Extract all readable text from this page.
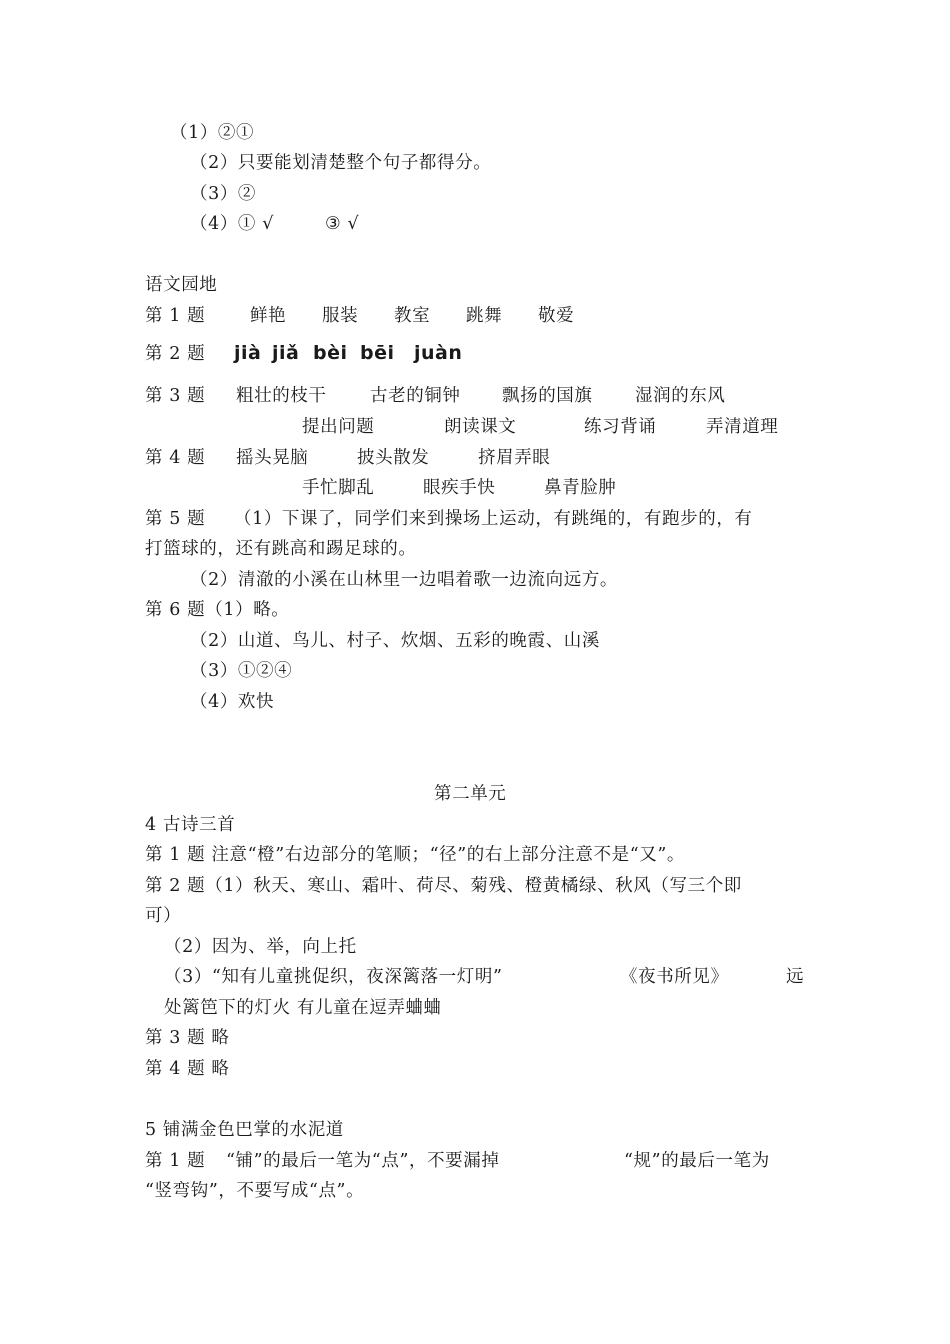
（1）②①
（2）只要能划清楚整个句子都得分。
（3）②
（4）① √	③ √
语文园地
第 1 题	鲜艳 服装 教室 跳舞 敬爱
第 2 题 jià jiǎ bèi bēi juàn
第 3 题 粗壮的枝干 古老的铜钟 飘扬的国旗 湿润的东风
提出问题	朗读课文	练习背诵	弄清道理
第 4 题 摇头晃脑	披头散发	挤眉弄眼
手忙脚乱	眼疾手快	鼻青脸肿
第 5 题 （1）下课了，同学们来到操场上运动，有跳绳的，有跑步的，有
打篮球的，还有跳高和踢足球的。
（2）清澈的小溪在山林里一边唱着歌一边流向远方。
第 6 题（1）略。
（2）山道、鸟儿、村子、炊烟、五彩的晚霞、山溪
（3）①②④
（4）欢快
第二单元
4 古诗三首
第 1 题 注意“橙”右边部分的笔顺；“径”的右上部分注意不是“又”。
第 2 题（1）秋天、寒山、霜叶、荷尽、菊残、橙黄橘绿、秋风（写三个即
可）
（2）因为、举，向上托
（3）“知有儿童挑促织，夜深篱落一灯明”	《夜书所见》	远
处篱笆下的灯火 有儿童在逗弄蛐蛐
第 3 题 略
第 4 题 略
5 铺满金色巴掌的水泥道
第 1 题 “铺”的最后一笔为“点”，不要漏掉	“规”的最后一笔为
“竖弯钩”，不要写成“点”。
